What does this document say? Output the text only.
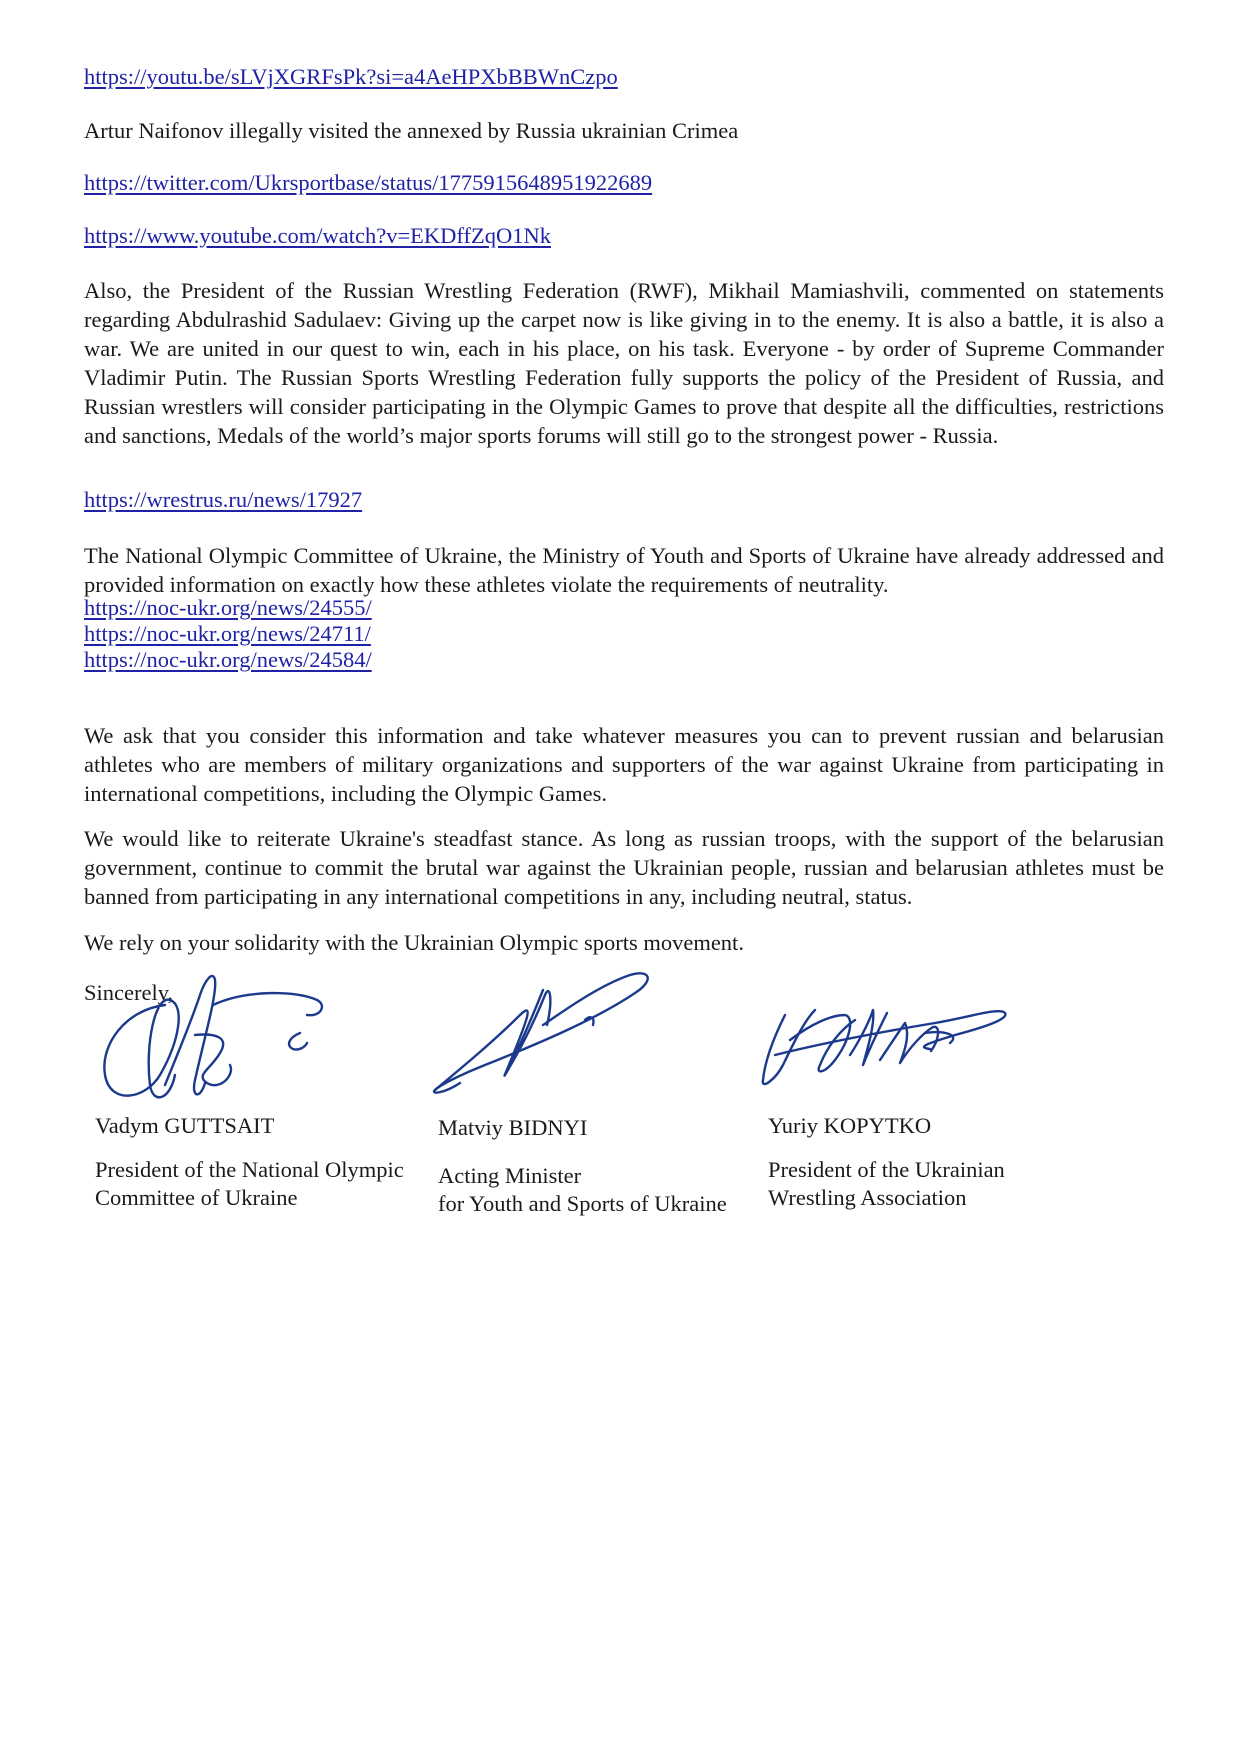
https://youtu.be/sLVjXGRFsPk?si=a4AeHPXbBBWnCzpo
Artur Naifonov illegally visited the annexed by Russia ukrainian Crimea
https://twitter.com/Ukrsportbase/status/1775915648951922689
https://www.youtube.com/watch?v=EKDffZqO1Nk

Also, the President of the Russian Wrestling Federation (RWF), Mikhail Mamiashvili, commented on statements regarding Abdulrashid Sadulaev: Giving up the carpet now is like giving in to the enemy. It is also a battle, it is also a war. We are united in our quest to win, each in his place, on his task. Everyone - by order of Supreme Commander Vladimir Putin. The Russian Sports Wrestling Federation fully supports the policy of the President of Russia, and Russian wrestlers will consider participating in the Olympic Games to prove that despite all the difficulties, restrictions and sanctions, Medals of the world’s major sports forums will still go to the strongest power - Russia.

https://wrestrus.ru/news/17927

The National Olympic Committee of Ukraine, the Ministry of Youth and Sports of Ukraine have already addressed and provided information on exactly how these athletes violate the requirements of neutrality.

https://noc-ukr.org/news/24555/
https://noc-ukr.org/news/24711/
https://noc-ukr.org/news/24584/

We ask that you consider this information and take whatever measures you can to prevent russian and belarusian athletes who are members of military organizations and supporters of the war against Ukraine from participating in international competitions, including the Olympic Games.

We would like to reiterate Ukraine's steadfast stance. As long as russian troops, with the support of the belarusian government, continue to commit the brutal war against the Ukrainian people, russian and belarusian athletes must be banned from participating in any international competitions in any, including neutral, status.

We rely on your solidarity with the Ukrainian Olympic sports movement.
Sincerely,
Vadym GUTTSAIT
President of the National Olympic
Committee of Ukraine
Matviy BIDNYI
Acting Minister
for Youth and Sports of Ukraine
Yuriy KOPYTKO
President of the Ukrainian
Wrestling Association
